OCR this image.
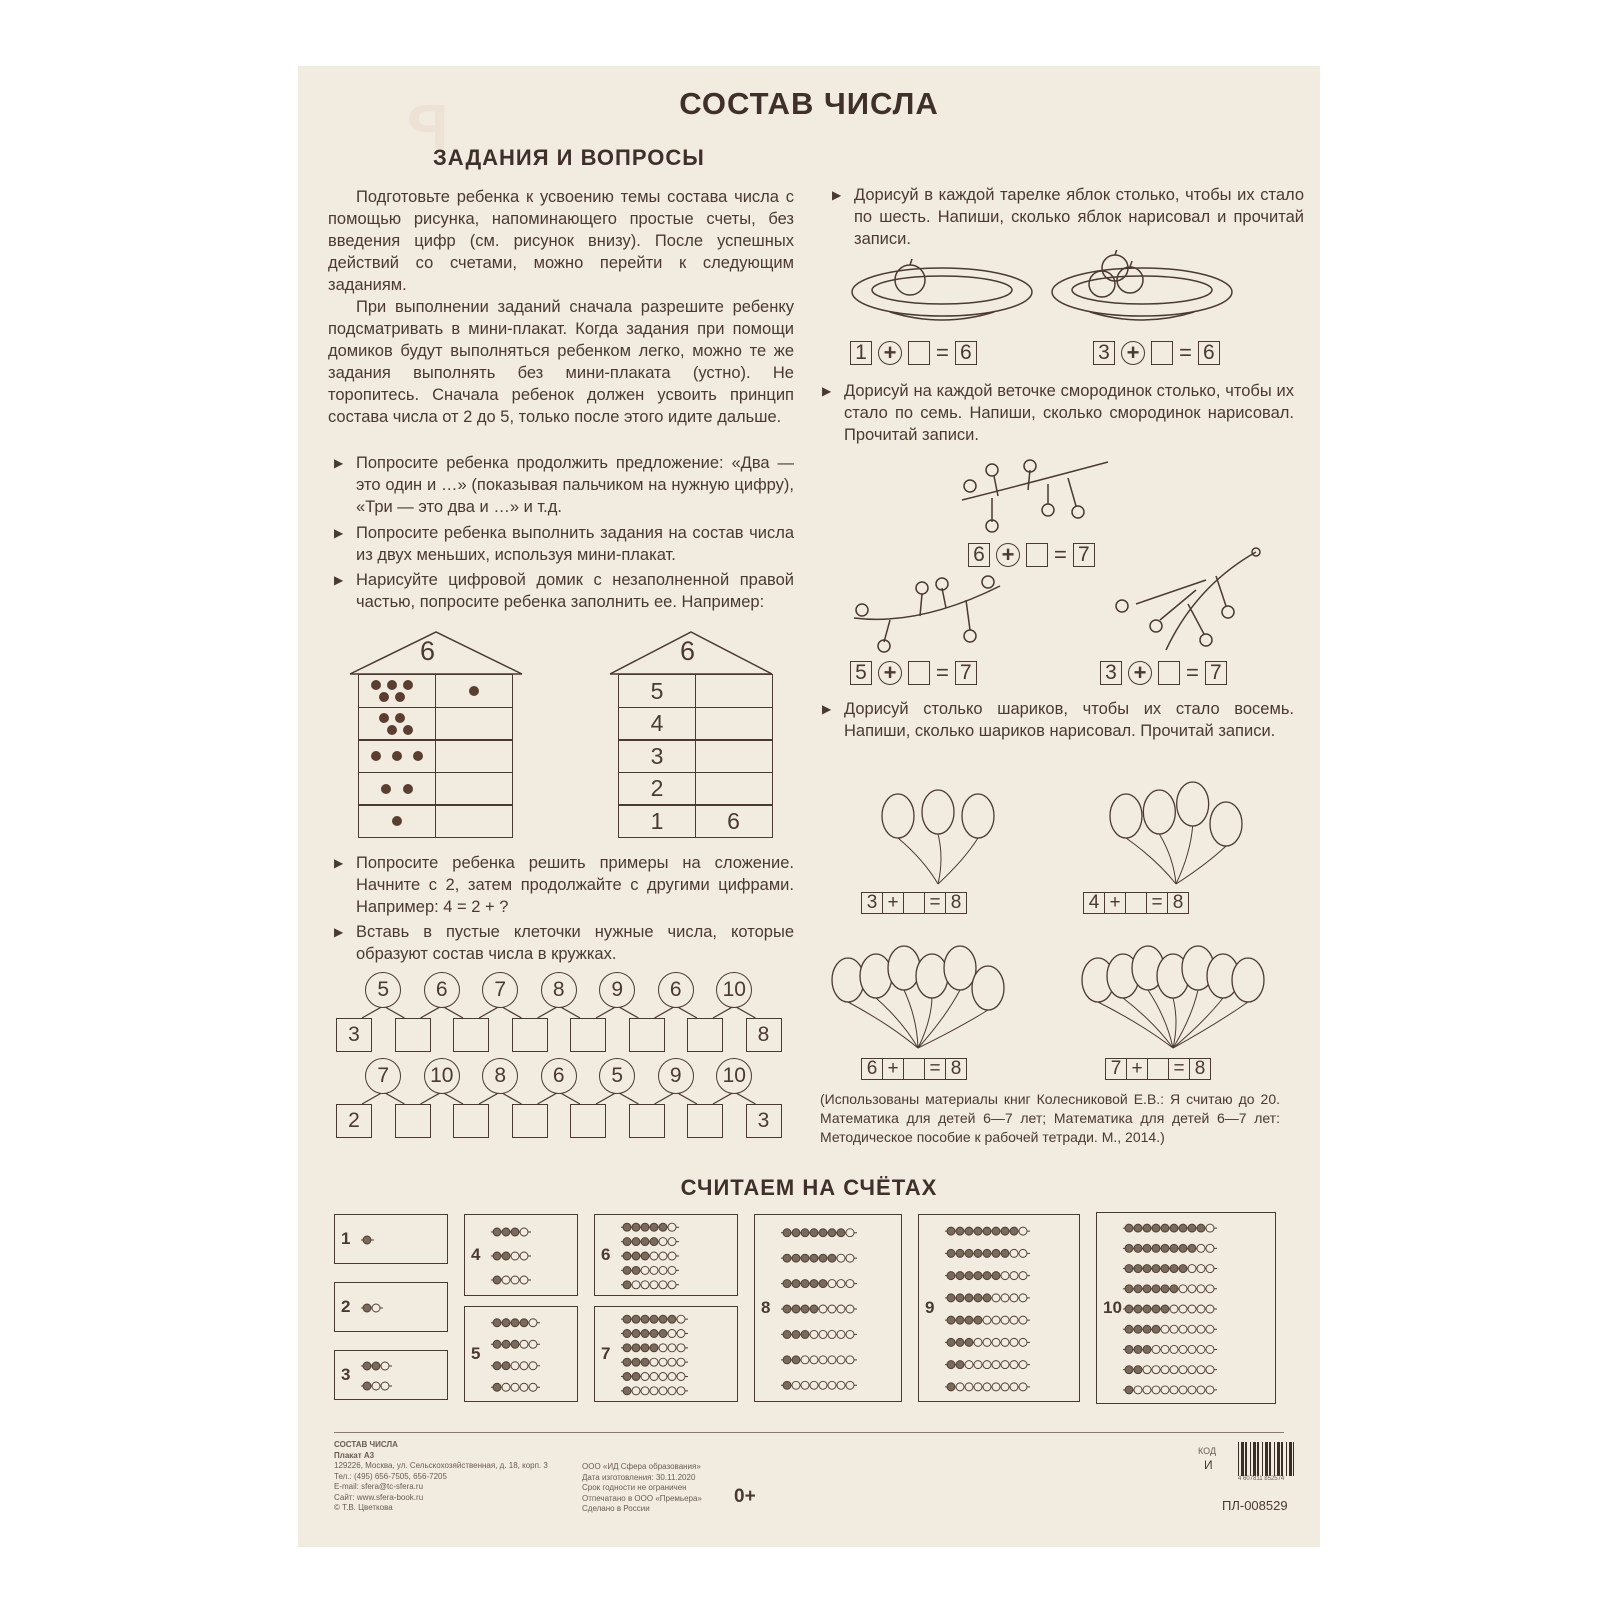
ꟼ	СОСТАВ ЧИСЛА
ЗАДАНИЯ И ВОПРОСЫ
Подготовьте ребенка к усвоению темы состава числа с помощью рисунка, напоминающего простые счеты, без введения цифр (см. рисунок внизу). После успешных действий со счетами, можно перейти к следующим заданиям.
При выполнении заданий сначала разрешите ребенку подсматривать в мини-плакат. Когда задания при помощи домиков будут выполняться ребенком легко, можно те же задания выполнять без мини-плаката (устно). Не торопитесь. Сначала ребенок должен усвоить принцип состава числа от 2 до 5, только после этого идите дальше.
▶ Попросите ребенка продолжить предложение: «Два — это один и …» (показывая пальчиком на нужную цифру), «Три — это два и …» и т.д.
▶ Попросите ребенка выполнить задания на состав числа из двух меньших, используя мини-плакат.
▶ Нарисуйте цифровой домик с незаполненной правой частью, попросите ребенка заполнить ее. Например:
6	6
5
4
3
2
1	6
▶ Попросите ребенка решить примеры на сложение. Начните с 2, затем продолжайте с другими цифрами. Например: 4 = 2 + ?
▶ Вставь в пустые клеточки нужные числа, которые образуют состав числа в кружках.
3	8
5	6	7	8	9	6	10
2	3
7	10	8	6	5	9	10
▶ Дорисуй в каждой тарелке яблок столько, чтобы их стало по шесть. Напиши, сколько яблок нарисовал и прочитай записи.
1 + = 6	3 + = 6
▶ Дорисуй на каждой веточке смородинок столько, чтобы их стало по семь. Напиши, сколько смородинок нарисовал. Прочитай записи.
6 + = 7
5 + = 7	3 + = 7
▶ Дорисуй столько шариков, чтобы их стало восемь. Напиши, сколько шариков нарисовал. Прочитай записи.
3 + = 8	4 + = 8
6 + = 8	7 + = 8
(Использованы материалы книг Колесниковой Е.В.: Я считаю до 20. Математика для детей 6—7 лет; Математика для детей 6—7 лет: Методическое пособие к рабочей тетради. М., 2014.)
СЧИТАЕМ НА СЧЁТАХ
1
2
3
4
5
6
7
8	9	10
СОСТАВ ЧИСЛА
Плакат А3
129226, Москва, ул. Сельскохозяйственная, д. 18, корп. 3
Тел.: (495) 656-7505, 656-7205
E-mail: sfera@tc-sfera.ru
Сайт: www.sfera-book.ru
© Т.В. Цветкова
ООО «ИД Сфера образования»
Дата изготовления: 30.11.2020
Срок годности не ограничен
Отпечатано в ООО «Премьера»
Сделано в России
0+
КОД
И
4 607811 852574
ПЛ-008529
